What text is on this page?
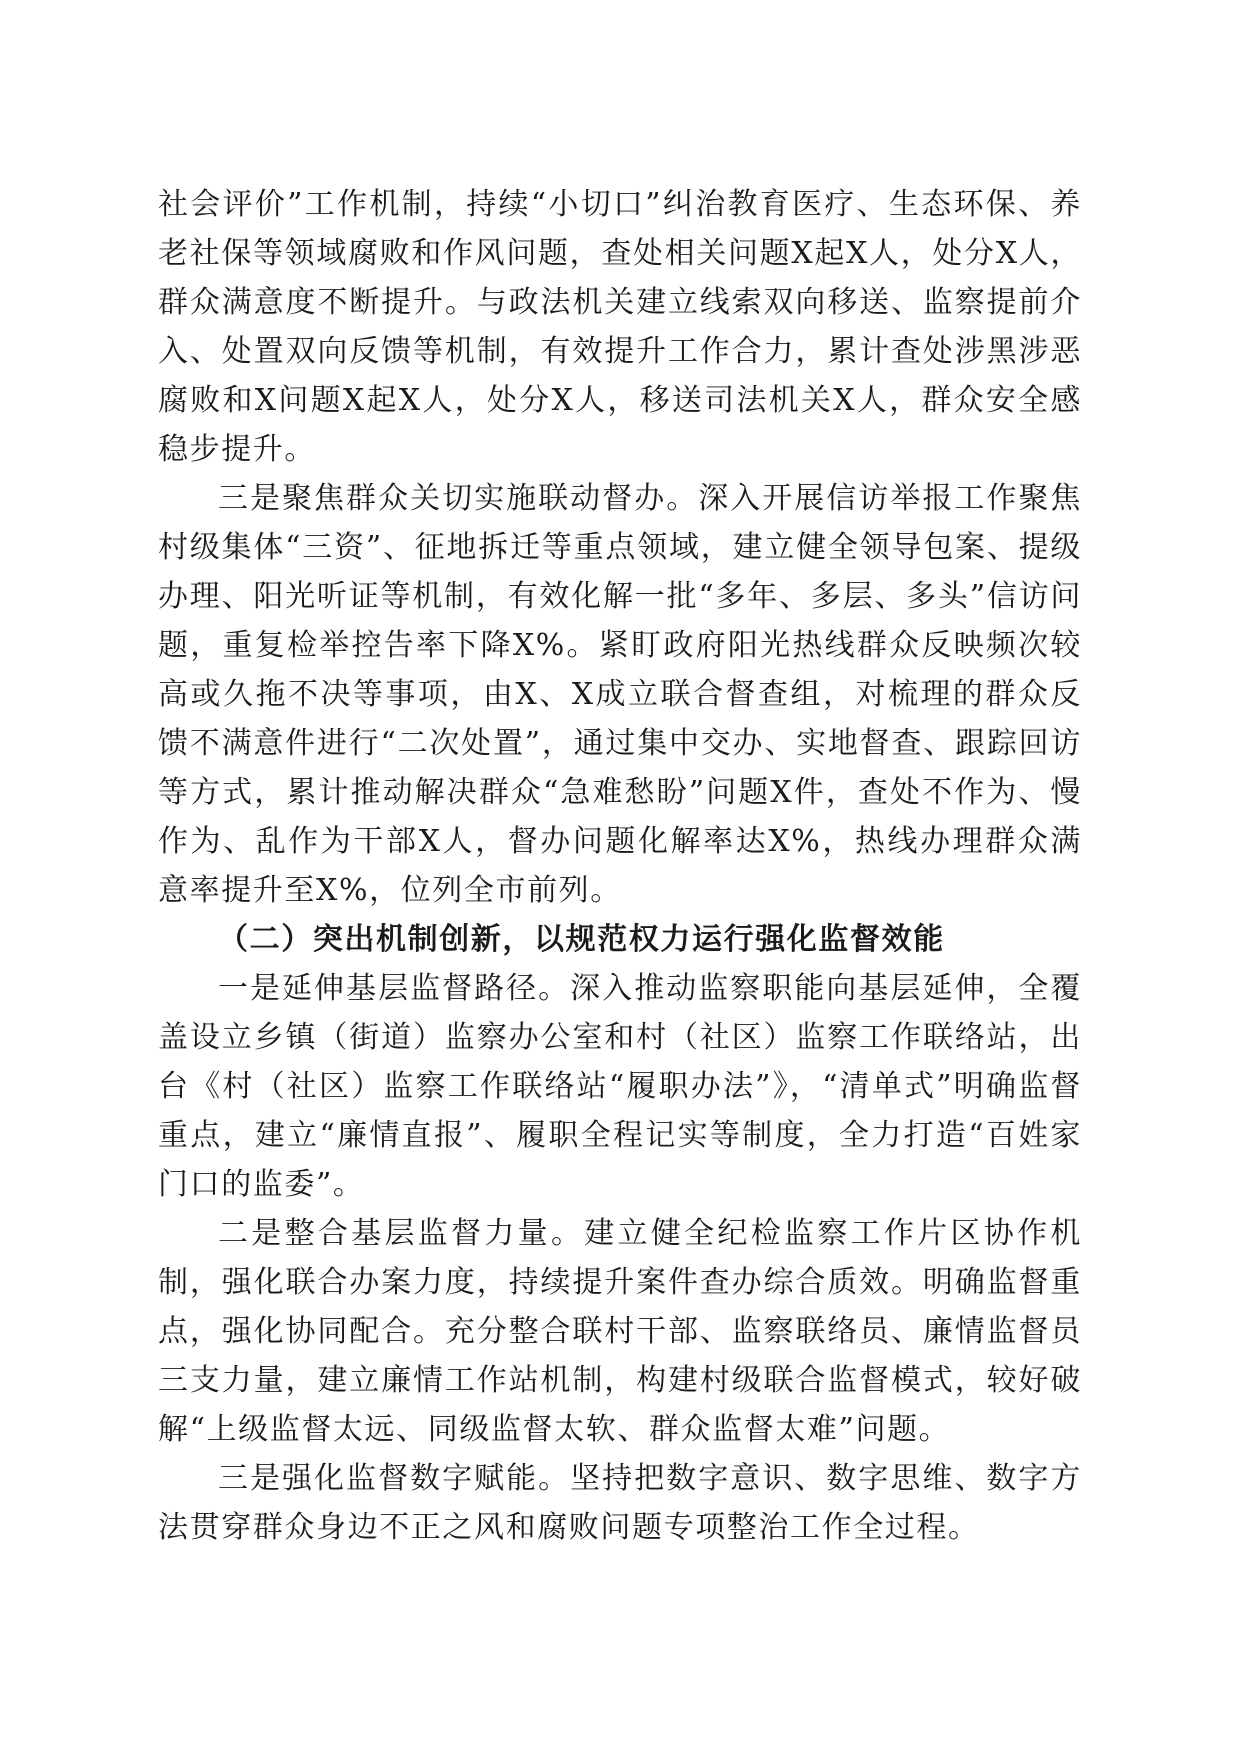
社会评价”工作机制，持续“小切口”纠治教育医疗、生态环保、养老社保等领域腐败和作风问题，查处相关问题X起X人，处分X人，群众满意度不断提升。与政法机关建立线索双向移送、监察提前介入、处置双向反馈等机制，有效提升工作合力，累计查处涉黑涉恶腐败和X问题X起X人，处分X人，移送司法机关X人，群众安全感稳步提升。

三是聚焦群众关切实施联动督办。深入开展信访举报工作聚焦村级集体“三资”、征地拆迁等重点领域，建立健全领导包案、提级办理、阳光听证等机制，有效化解一批“多年、多层、多头”信访问题，重复检举控告率下降X%。紧盯政府阳光热线群众反映频次较高或久拖不决等事项，由X、X成立联合督查组，对梳理的群众反馈不满意件进行“二次处置”，通过集中交办、实地督查、跟踪回访等方式，累计推动解决群众“急难愁盼”问题X件，查处不作为、慢作为、乱作为干部X人，督办问题化解率达X%，热线办理群众满意率提升至X%，位列全市前列。

（二）突出机制创新，以规范权力运行强化监督效能

一是延伸基层监督路径。深入推动监察职能向基层延伸，全覆盖设立乡镇（街道）监察办公室和村（社区）监察工作联络站，出台《村（社区）监察工作联络站“履职办法”》，“清单式”明确监督重点，建立“廉情直报”、履职全程记实等制度，全力打造“百姓家门口的监委”。

二是整合基层监督力量。建立健全纪检监察工作片区协作机制，强化联合办案力度，持续提升案件查办综合质效。明确监督重点，强化协同配合。充分整合联村干部、监察联络员、廉情监督员三支力量，建立廉情工作站机制，构建村级联合监督模式，较好破解“上级监督太远、同级监督太软、群众监督太难”问题。

三是强化监督数字赋能。坚持把数字意识、数字思维、数字方法贯穿群众身边不正之风和腐败问题专项整治工作全过程。
